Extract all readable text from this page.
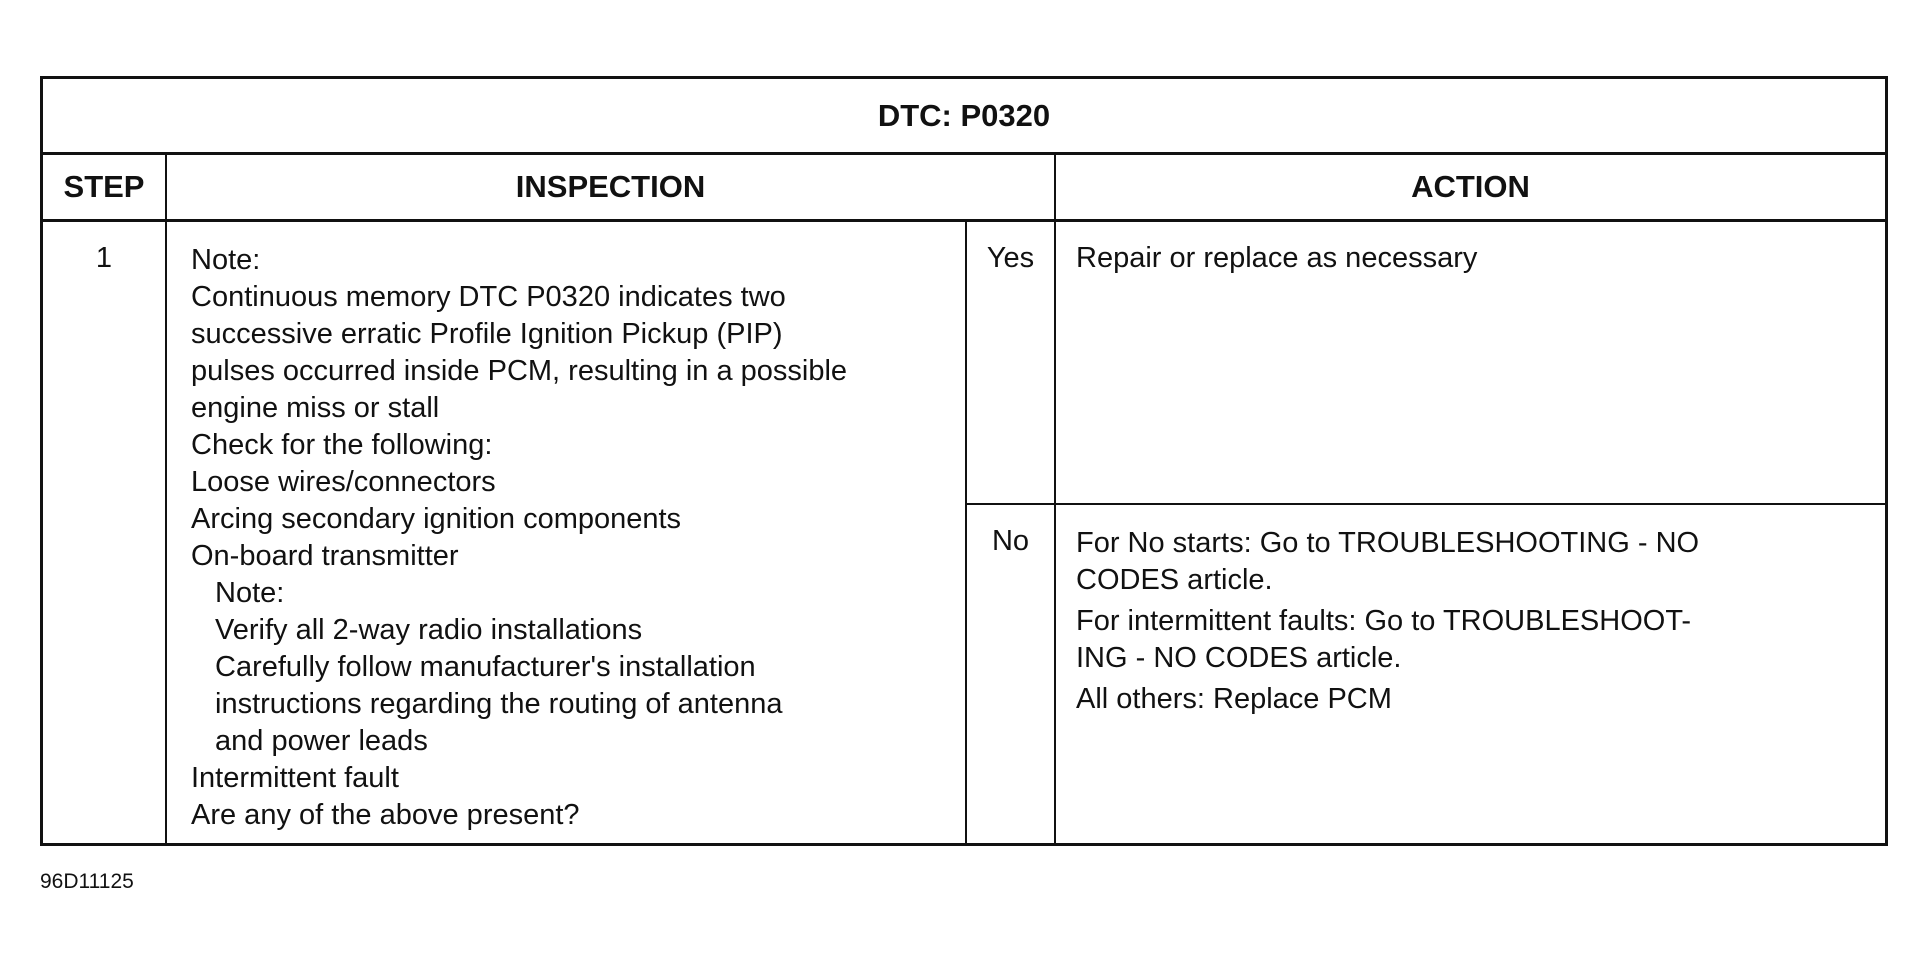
DTC: P0320
STEP	INSPECTION	ACTION
1	Note:
Continuous memory DTC P0320 indicates two
successive erratic Profile Ignition Pickup (PIP)
pulses occurred inside PCM, resulting in a possible
engine miss or stall
Check for the following:
Loose wires/connectors
Arcing secondary ignition components
On-board transmitter
Note:
Verify all 2-way radio installations
Carefully follow manufacturer's installation
instructions regarding the routing of antenna
and power leads
Intermittent fault
Are any of the above present?
Yes	Repair or replace as necessary
No	For No starts: Go to TROUBLESHOOTING - NO
CODES article.
For intermittent faults: Go to TROUBLESHOOT-
ING - NO CODES article.
All others: Replace PCM
96D11125
